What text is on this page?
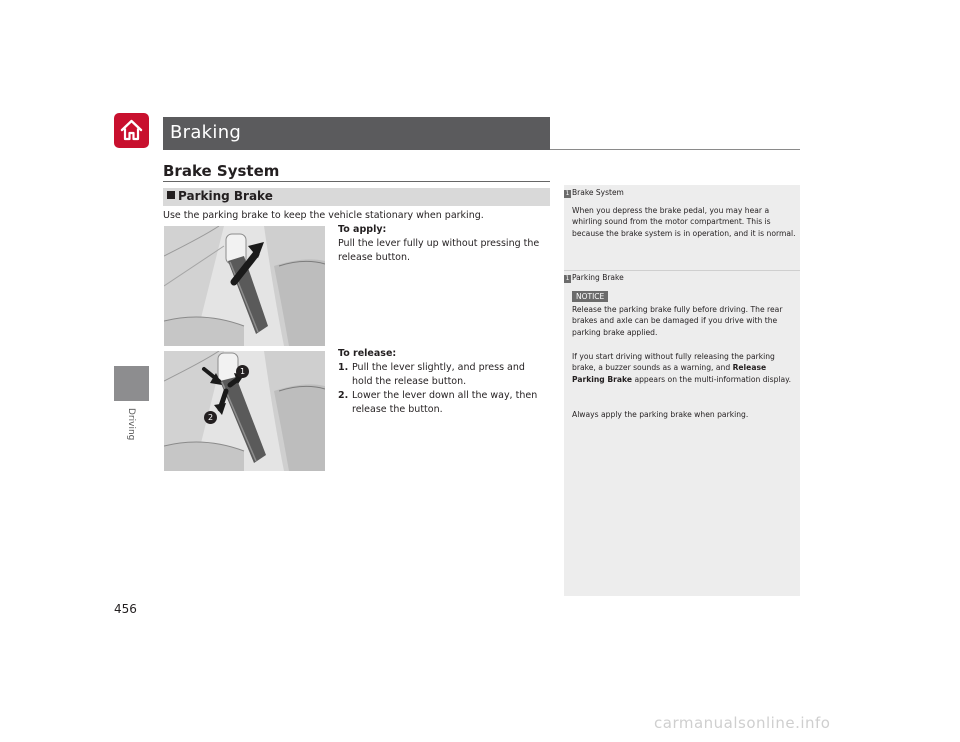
Braking
Driving
Brake System
Parking Brake
Use the parking brake to keep the vehicle stationary when parking.
To apply:
Pull the lever fully up without pressing the release button.
1
2
To release:
1. Pull the lever slightly, and press and hold the release button.
2. Lower the lever down all the way, then release the button.
1 Brake System
When you depress the brake pedal, you may hear a whirling sound from the motor compartment. This is because the brake system is in operation, and it is normal.
1 Parking Brake
NOTICE
Release the parking brake fully before driving. The rear brakes and axle can be damaged if you drive with the parking brake applied.
If you start driving without fully releasing the parking brake, a buzzer sounds as a warning, and Release Parking Brake appears on the multi-information display.
Always apply the parking brake when parking.
456
carmanualsonline.info
